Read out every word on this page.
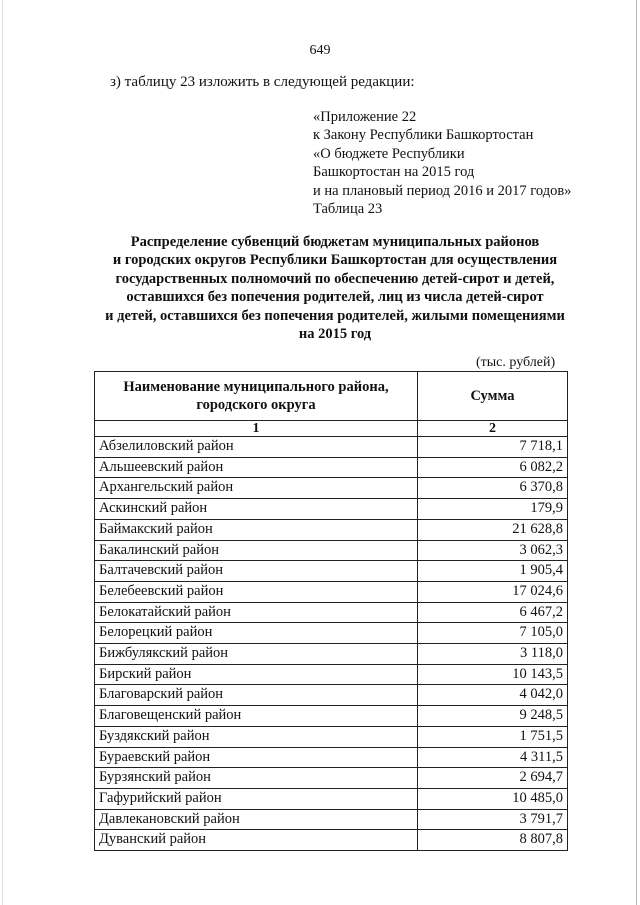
649
з) таблицу 23 изложить в следующей редакции:
«Приложение 22
к Закону Республики Башкортостан
«О бюджете Республики
Башкортостан на 2015 год
и на плановый период 2016 и 2017 годов»
Таблица 23
Распределение субвенций бюджетам муниципальных районов
и городских округов Республики Башкортостан для осуществления
государственных полномочий по обеспечению детей-сирот и детей,
оставшихся без попечения родителей, лиц из числа детей-сирот
и детей, оставшихся без попечения родителей, жилыми помещениями
на 2015 год
(тыс. рублей)
Наименование муниципального района,
городского округа	Сумма
1	2
Абзелиловский район	7 718,1
Альшеевский район	6 082,2
Архангельский район	6 370,8
Аскинский район	179,9
Баймакский район	21 628,8
Бакалинский район	3 062,3
Балтачевский район	1 905,4
Белебеевский район	17 024,6
Белокатайский район	6 467,2
Белорецкий район	7 105,0
Бижбулякский район	3 118,0
Бирский район	10 143,5
Благоварский район	4 042,0
Благовещенский район	9 248,5
Буздякский район	1 751,5
Бураевский район	4 311,5
Бурзянский район	2 694,7
Гафурийский район	10 485,0
Давлекановский район	3 791,7
Дуванский район	8 807,8
